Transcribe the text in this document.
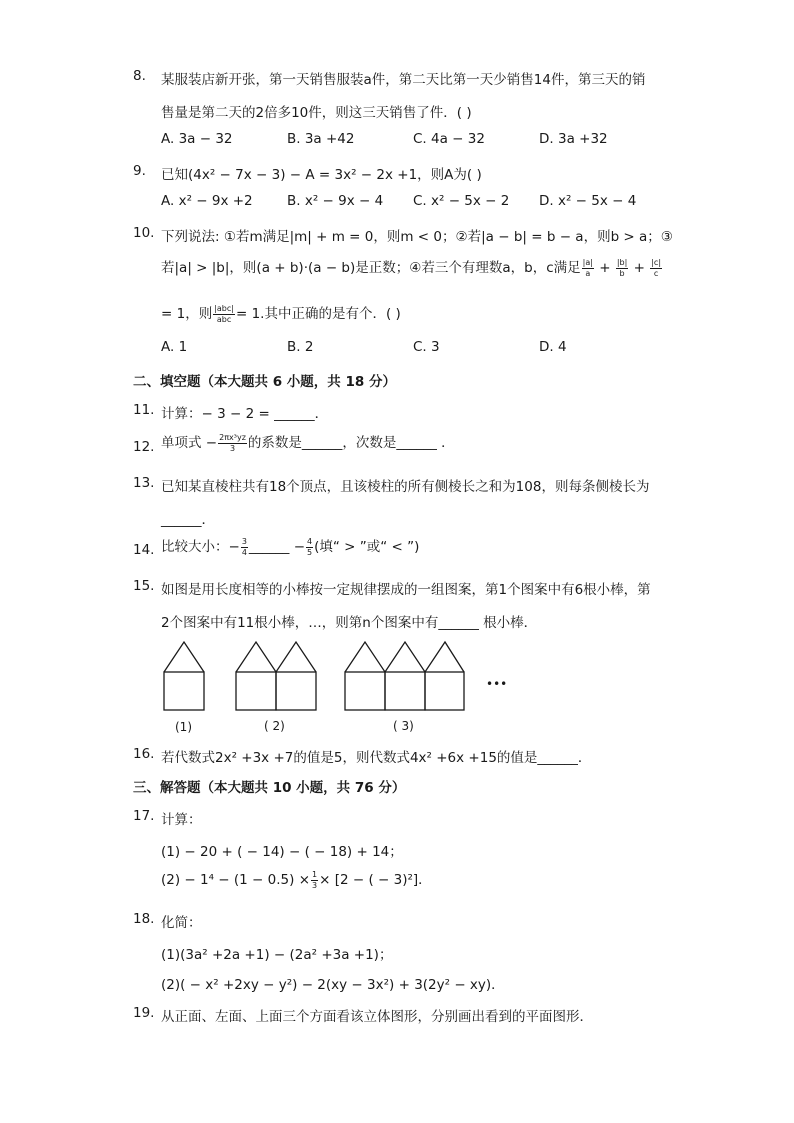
8. 某服装店新开张，第一天销售服装a件，第二天比第一天少销售14件，第三天的销
售量是第二天的2倍多10件，则这三天销售了件．( )
A. 3a − 32	B. 3a +42	C. 4a − 32	D. 3a +32
9. 已知(4x² − 7x − 3) − A = 3x² − 2x +1，则A为( )
A. x² − 9x +2	B. x² − 9x − 4 C. x² − 5x − 2 D. x² − 5x − 4
10. 下列说法: ①若m满足|m| + m = 0，则m < 0；②若|a − b| = b − a，则b > a；③
若|a| > |b|，则(a + b)·(a − b)是正数；④若三个有理数a，b，c满足 $\frac{|a|}{a} + \frac{|b|}{b} + \frac{|c|}{c}$
= 1，则 $\frac{\text{|abc|}}{\text{abc}} = 1$.其中正确的是有个．( )
A. 1	B. 2	C. 3	D. 4
二、填空题（本大题共 6 小题，共 18 分）
11. 计算：− 3 − 2 = ______．
12. 单项式 − $\frac{\text{2πx³yz}}{3}$ 的系数是______，次数是______ ．
13. 已知某直棱柱共有18个顶点，且该棱柱的所有侧棱长之和为108，则每条侧棱长为
______．
14. 比较大小：− $\frac{3}{4}$ ______ − $\frac{4}{5}$ (填“ > ”或“ < ”)
15. 如图是用长度相等的小棒按一定规律摆成的一组图案，第1个图案中有6根小棒，第
2个图案中有11根小棒，…，则第n个图案中有______ 根小棒．
•••
(1)	( 2)	( 3)
16. 若代数式2x² +3x +7的值是5，则代数式4x² +6x +15的值是______．
三、解答题（本大题共 10 小题，共 76 分）
17. 计算：
(1) − 20 + ( − 14) − ( − 18) + 14；
$(2) - 1^4 - (1 - 0.5) \times \frac{1}{3} \times [2$ − ( − 3)²]．
18. 化简：
(1)(3a² +2a +1) − (2a² +3a +1)；
(2)( − x² +2xy − y²) − 2(xy − 3x²) + 3(2y² − xy)．
19. 从正面、左面、上面三个方面看该立体图形，分别画出看到的平面图形．
